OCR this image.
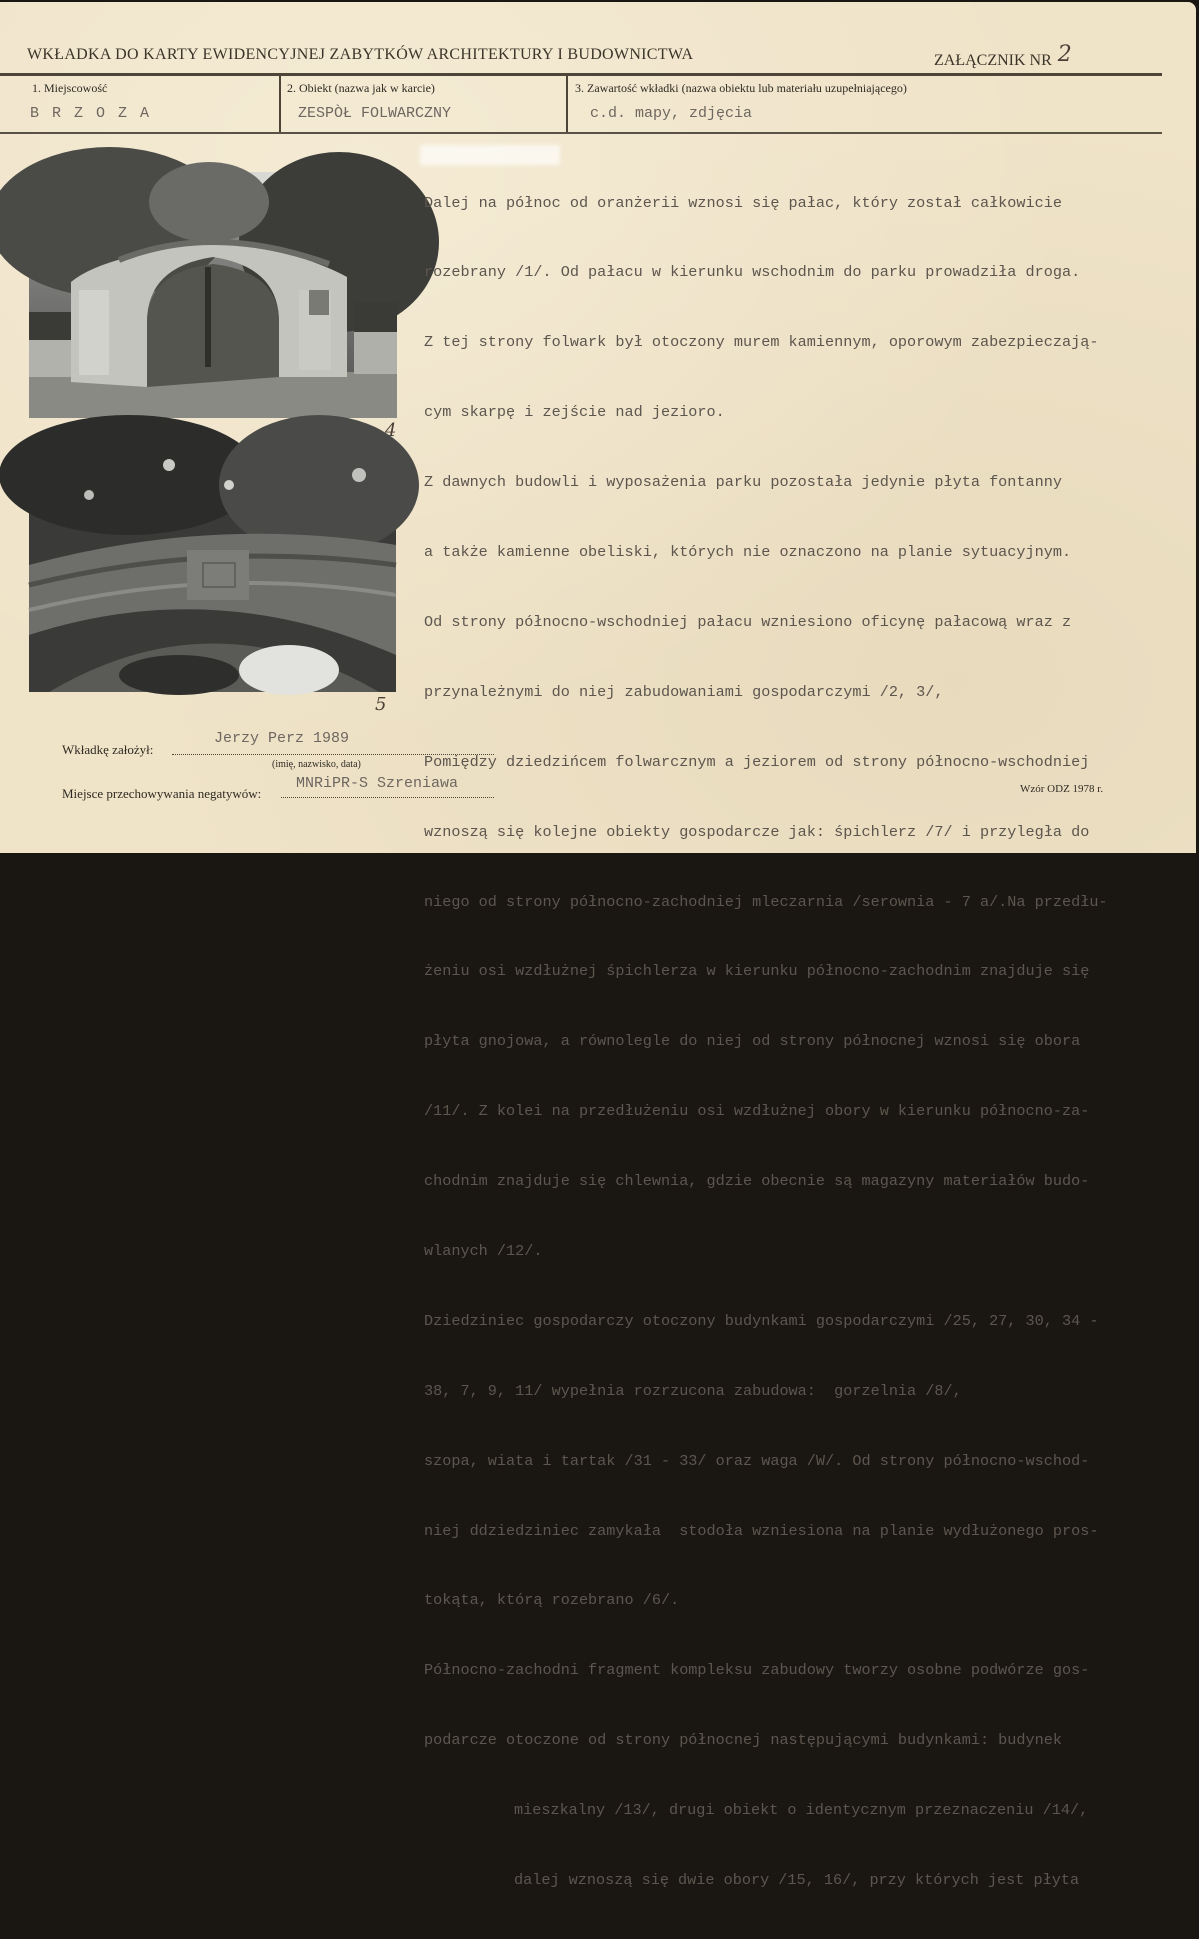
WKŁADKA DO KARTY EWIDENCYJNEJ ZABYTKÓW ARCHITEKTURY I BUDOWNICTWA	ZAŁĄCZNIK NR 2
1. Miejscowość
B R Z O Z A
2. Obiekt (nazwa jak w karcie)
ZESPÒŁ FOLWARCZNY
3. Zawartość wkładki (nazwa obiektu lub materiału uzupełniającego)
c.d. mapy, zdjęcia
4
5

Dalej na północ od oranżerii wznosi się pałac, który został całkowicie

rozebrany /1/. Od pałacu w kierunku wschodnim do parku prowadziła droga.

Z tej strony folwark był otoczony murem kamiennym, oporowym zabezpieczają-

cym skarpę i zejście nad jezioro.

Z dawnych budowli i wyposażenia parku pozostała jedynie płyta fontanny

a także kamienne obeliski, których nie oznaczono na planie sytuacyjnym.

Od strony północno-wschodniej pałacu wzniesiono oficynę pałacową wraz z

przynależnymi do niej zabudowaniami gospodarczymi /2, 3/,

Pomiędzy dziedzińcem folwarcznym a jeziorem od strony północno-wschodniej

wznoszą się kolejne obiekty gospodarcze jak: śpichlerz /7/ i przyległa do

niego od strony północno-zachodniej mleczarnia /serownia - 7 a/.Na przedłu-

żeniu osi wzdłużnej śpichlerza w kierunku północno-zachodnim znajduje się

płyta gnojowa, a równolegle do niej od strony północnej wznosi się obora

/11/. Z kolei na przedłużeniu osi wzdłużnej obory w kierunku północno-za-

chodnim znajduje się chlewnia, gdzie obecnie są magazyny materiałów budo-

wlanych /12/.

Dziedziniec gospodarczy otoczony budynkami gospodarczymi /25, 27, 30, 34 -

38, 7, 9, 11/ wypełnia rozrzucona zabudowa:  gorzelnia /8/,

szopa, wiata i tartak /31 - 33/ oraz waga /W/. Od strony północno-wschod-

niej ddziedziniec zamykała  stodoła wzniesiona na planie wydłużonego pros-

tokąta, którą rozebrano /6/.

Północno-zachodni fragment kompleksu zabudowy tworzy osobne podwórze gos-

podarcze otoczone od strony północnej następującymi budynkami: budynek

mieszkalny /13/, drugi obiekt o identycznym przeznaczeniu /14/,

dalej wznoszą się dwie obory /15, 16/, przy których jest płyta

Wkładkę założył:
Jerzy Perz 1989
(imię, nazwisko, data)
Miejsce przechowywania negatywów:
MNRiPR-S Szreniawa	Wzór ODZ 1978 r.
